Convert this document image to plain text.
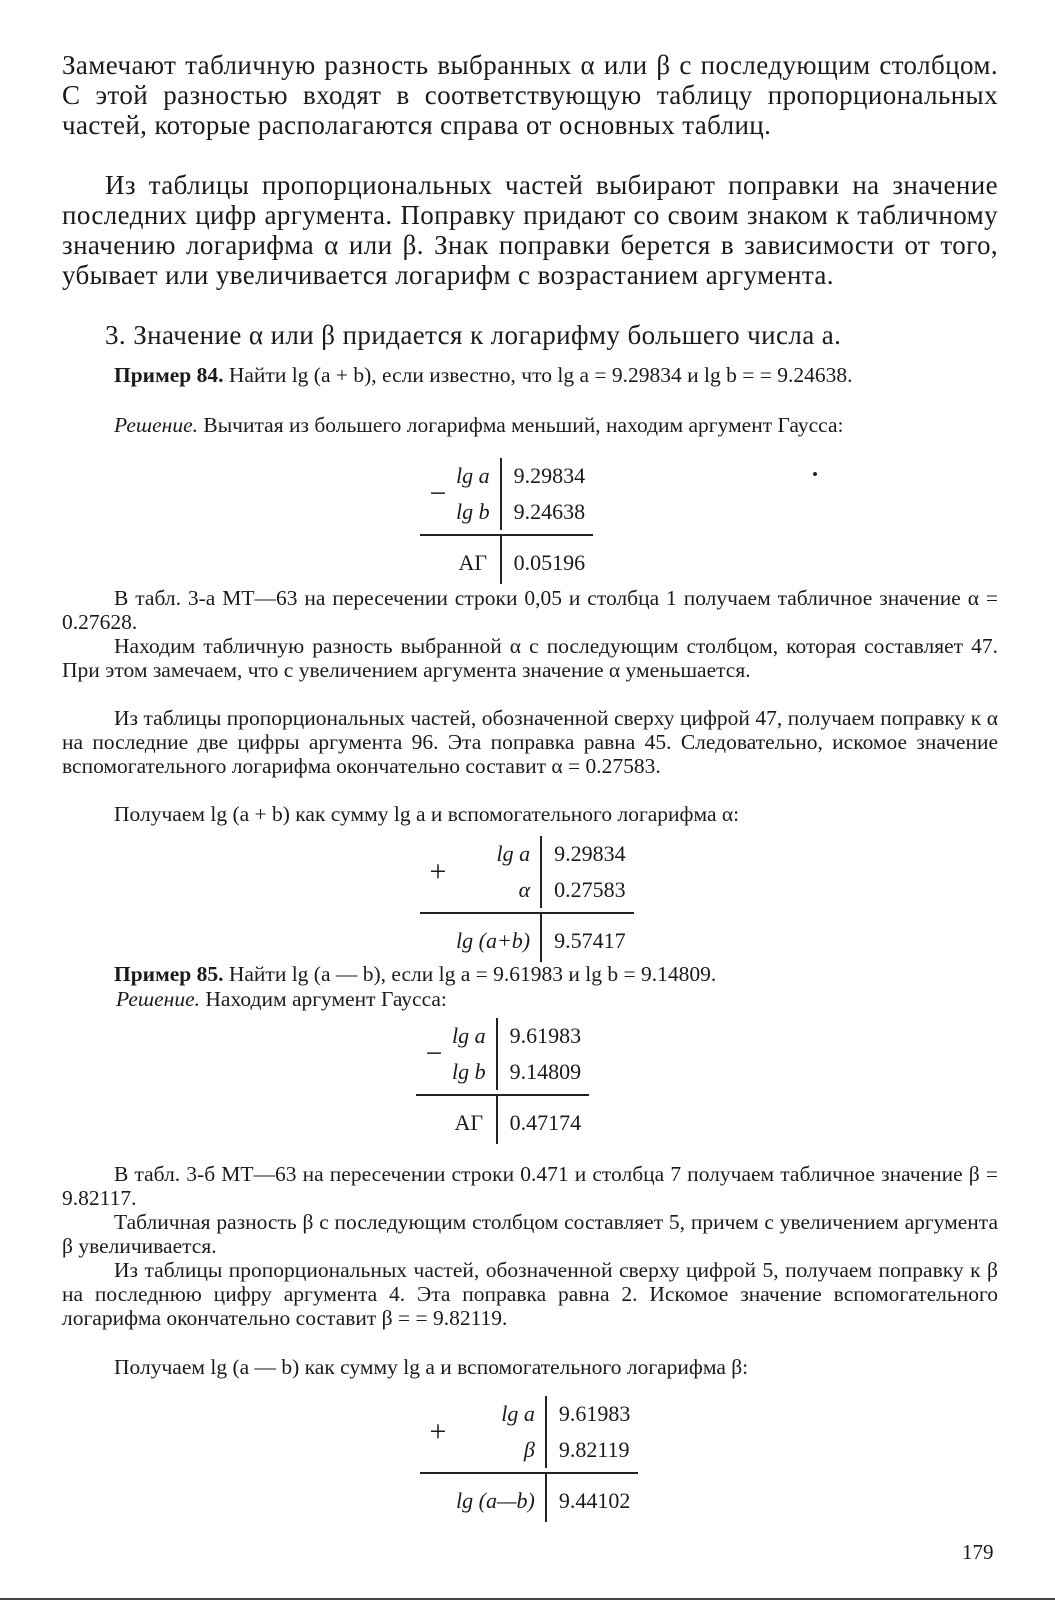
Замечают табличную разность выбранных α или β с последующим столбцом. С этой разностью входят в соответствующую таблицу пропорциональных частей, которые располагаются справа от основных таблиц.

Из таблицы пропорциональных частей выбирают поправки на значение последних цифр аргумента. Поправку придают со своим знаком к табличному значению логарифма α или β. Знак поправки берется в зависимости от того, убывает или увеличивается логарифм с возрастанием аргумента.

3. Значение α или β придается к логарифму большего числа a.

Пример 84. Найти lg (a + b), если известно, что lg a = 9.29834 и lg b = = 9.24638.

Решение. Вычитая из большего логарифма меньший, находим аргумент Гаусса:

−	lg a	9.29834
	lg b	9.24638

	АГ	0.05196

В табл. 3-а МТ—63 на пересечении строки 0,05 и столбца 1 получаем табличное значение α = 0.27628.

Находим табличную разность выбранной α с последующим столбцом, которая составляет 47. При этом замечаем, что с увеличением аргумента значение α уменьшается.

Из таблицы пропорциональных частей, обозначенной сверху цифрой 47, получаем поправку к α на последние две цифры аргумента 96. Эта поправка равна 45. Следовательно, искомое значение вспомогательного логарифма окончательно составит α = 0.27583.

Получаем lg (a + b) как сумму lg a и вспомогательного логарифма α:

+	lg a	9.29834
	α	0.27583

	lg (a+b)	9.57417

Пример 85. Найти lg (a — b), если lg a = 9.61983 и lg b = 9.14809.

Решение. Находим аргумент Гаусса:

−	lg a	9.61983
	lg b	9.14809

	АГ	0.47174

В табл. 3-б МТ—63 на пересечении строки 0.471 и столбца 7 получаем табличное значение β = 9.82117.

Табличная разность β с последующим столбцом составляет 5, причем с увеличением аргумента β увеличивается.

Из таблицы пропорциональных частей, обозначенной сверху цифрой 5, получаем поправку к β на последнюю цифру аргумента 4. Эта поправка равна 2. Искомое значение вспомогательного логарифма окончательно составит β = = 9.82119.

Получаем lg (a — b) как сумму lg a и вспомогательного логарифма β:

+	lg a	9.61983
	β	9.82119

	lg (a—b)	9.44102
179
